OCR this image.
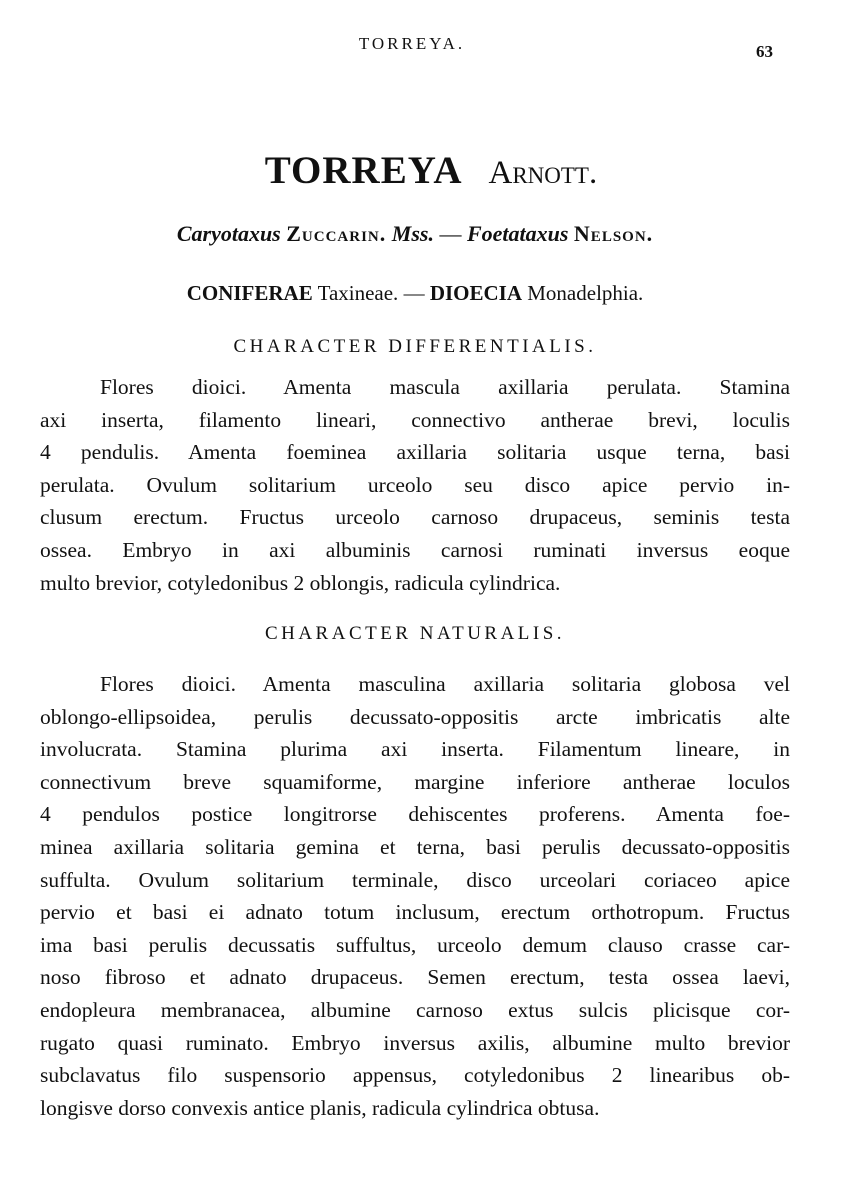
TORREYA.	63
TORREYA Arnott.
Caryotaxus Zuccarin. Mss. — Foetataxus Nelson.
CONIFERAE Taxineae. — DIOECIA Monadelphia.
CHARACTER DIFFERENTIALIS.
Flores dioici. Amenta mascula axillaria perulata. Stamina
axi inserta, filamento lineari, connectivo antherae brevi, loculis
4 pendulis. Amenta foeminea axillaria solitaria usque terna, basi
perulata. Ovulum solitarium urceolo seu disco apice pervio in-
clusum erectum. Fructus urceolo carnoso drupaceus, seminis testa
ossea. Embryo in axi albuminis carnosi ruminati inversus eoque
multo brevior, cotyledonibus 2 oblongis, radicula cylindrica.
CHARACTER NATURALIS.
Flores dioici. Amenta masculina axillaria solitaria globosa vel
oblongo-ellipsoidea, perulis decussato-oppositis arcte imbricatis alte
involucrata. Stamina plurima axi inserta. Filamentum lineare, in
connectivum breve squamiforme, margine inferiore antherae loculos
4 pendulos postice longitrorse dehiscentes proferens. Amenta foe-
minea axillaria solitaria gemina et terna, basi perulis decussato-oppositis
suffulta. Ovulum solitarium terminale, disco urceolari coriaceo apice
pervio et basi ei adnato totum inclusum, erectum orthotropum. Fructus
ima basi perulis decussatis suffultus, urceolo demum clauso crasse car-
noso fibroso et adnato drupaceus. Semen erectum, testa ossea laevi,
endopleura membranacea, albumine carnoso extus sulcis plicisque cor-
rugato quasi ruminato. Embryo inversus axilis, albumine multo brevior
subclavatus filo suspensorio appensus, cotyledonibus 2 linearibus ob-
longisve dorso convexis antice planis, radicula cylindrica obtusa.
